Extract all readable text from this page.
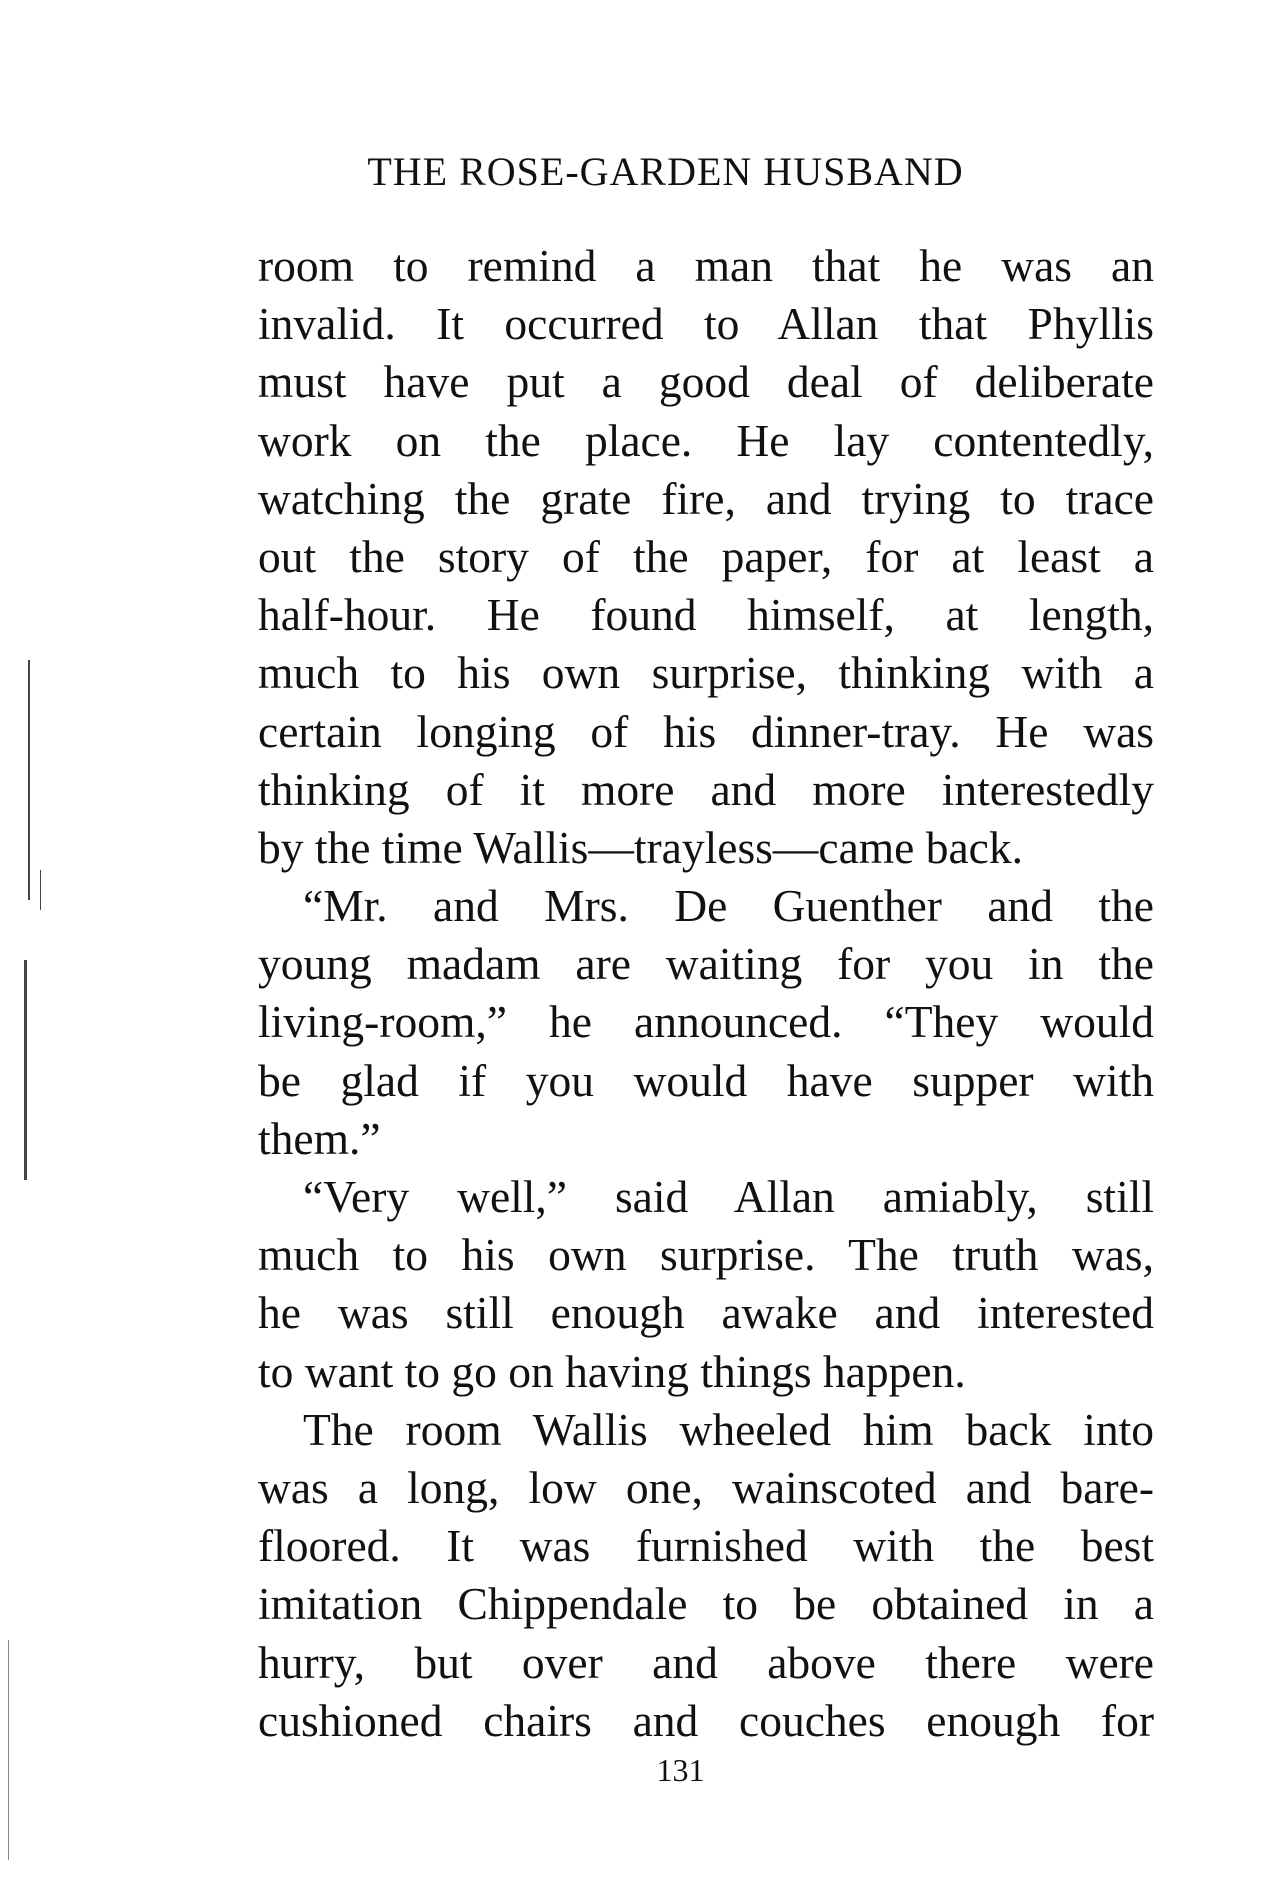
THE ROSE-GARDEN HUSBAND
room to remind a man that he was an
invalid. It occurred to Allan that Phyllis
must have put a good deal of deliberate
work on the place. He lay contentedly,
watching the grate fire, and trying to trace
out the story of the paper, for at least a
half-hour. He found himself, at length,
much to his own surprise, thinking with a
certain longing of his dinner-tray. He was
thinking of it more and more interestedly
by the time Wallis—trayless—came back.
“Mr. and Mrs. De Guenther and the
young madam are waiting for you in the
living-room,” he announced. “They would
be glad if you would have supper with
them.”
“Very well,” said Allan amiably, still
much to his own surprise. The truth was,
he was still enough awake and interested
to want to go on having things happen.
The room Wallis wheeled him back into
was a long, low one, wainscoted and bare-
floored. It was furnished with the best
imitation Chippendale to be obtained in a
hurry, but over and above there were
cushioned chairs and couches enough for
131
